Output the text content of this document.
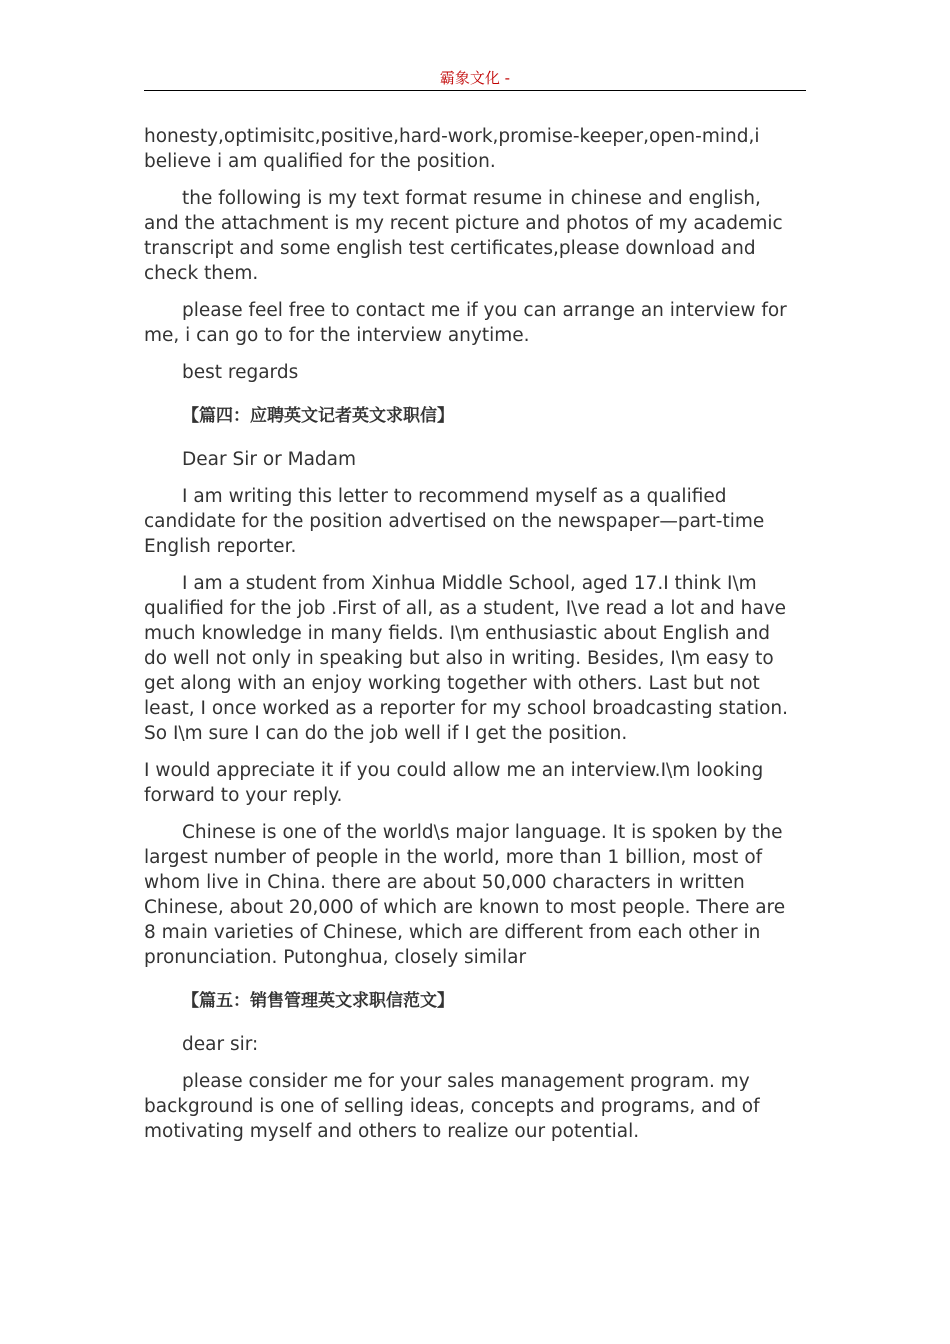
霸象文化 -

honesty,optimisitc,positive,hard-work,promise-keeper,open-mind,i believe i am qualified for the position.

the following is my text format resume in chinese and english, and the attachment is my recent picture and photos of my academic transcript and some english test certificates,please download and check them.

please feel free to contact me if you can arrange an interview for me, i can go to for the interview anytime.

best regards

【篇四：应聘英文记者英文求职信】

Dear Sir or Madam

I am writing this letter to recommend myself as a qualified candidate for the position advertised on the newspaper—part-time English reporter.

I am a student from Xinhua Middle School, aged 17.I think I\m qualified for the job .First of all, as a student, I\ve read a lot and have much knowledge in many fields. I\m enthusiastic about English and do well not only in speaking but also in writing. Besides, I\m easy to get along with an enjoy working together with others. Last but not least, I once worked as a reporter for my school broadcasting station. So I\m sure I can do the job well if I get the position.

I would appreciate it if you could allow me an interview.I\m looking forward to your reply.

Chinese is one of the world\s major language. It is spoken by the largest number of people in the world, more than 1 billion, most of whom live in China. there are about 50,000 characters in written Chinese, about 20,000 of which are known to most people. There are 8 main varieties of Chinese, which are different from each other in pronunciation. Putonghua, closely similar

【篇五：销售管理英文求职信范文】

dear sir:

please consider me for your sales management program. my background is one of selling ideas, concepts and programs, and of motivating myself and others to realize our potential.
